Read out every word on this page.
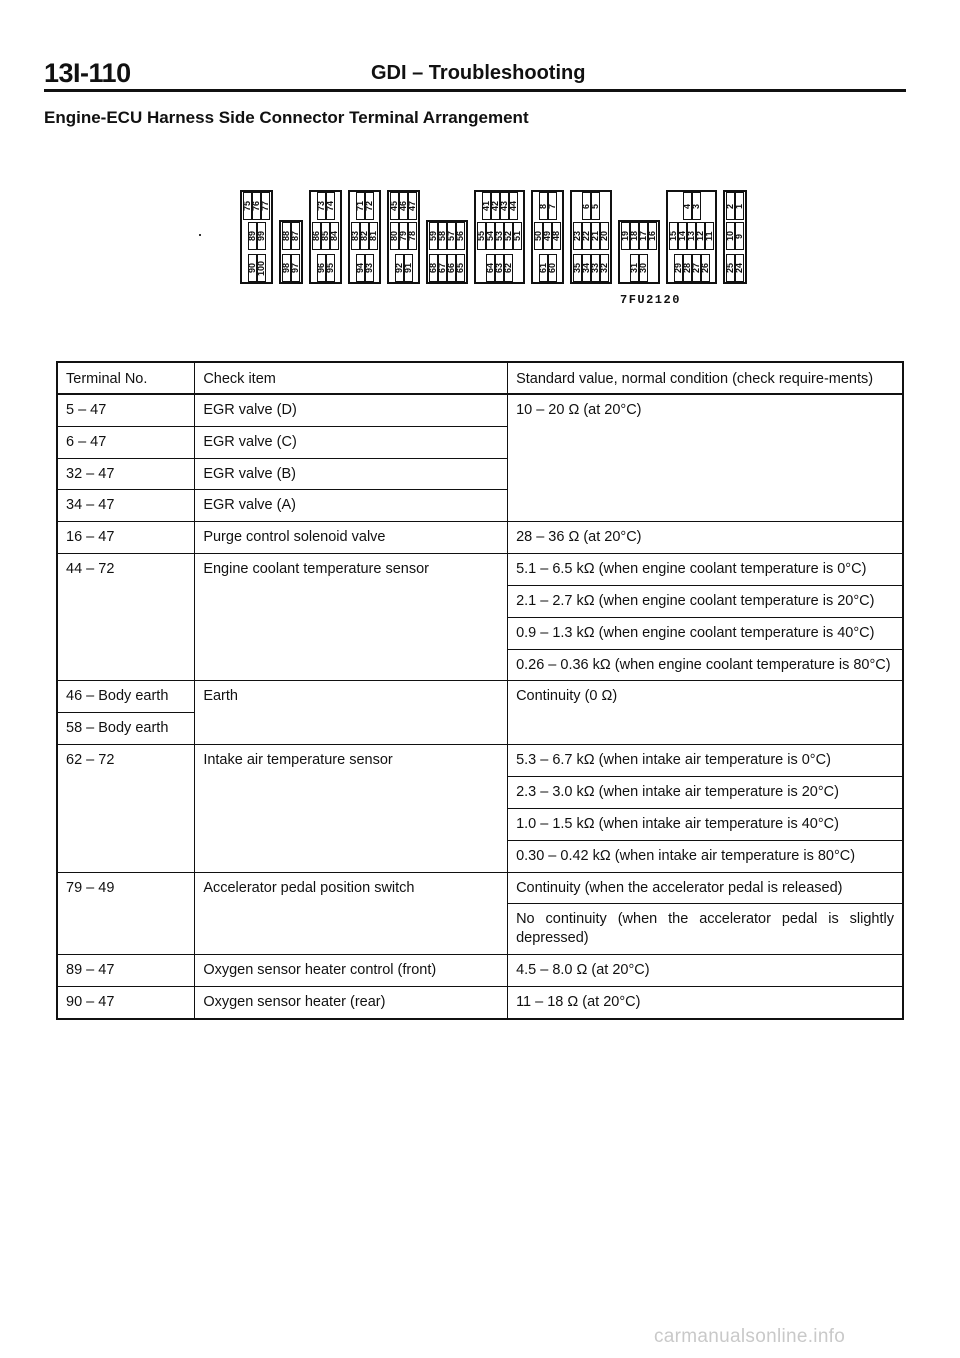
13I-110	GDI – Troubleshooting
Engine-ECU Harness Side Connector Terminal Arrangement
75 76 77
89 99
90 100
88 87
98 97
73 74
86 85 84
96 95
71 72
83 82 81
94 93
45 46 47
80 79 78
92 91
59 58 57 56
68 67 66 65
41 42 43 44
55 54 53 52 51
64 63 62
8 7
50 49 48
61 60
6 5
23 22 21 20
35 34 33 32
19 18 17 16
31 30
4 3
15 14 13 12 11
29 28 27 26
2 1
10 9
25 24
7FU2120
Terminal No.	Check item	Standard value, normal condition (check require-ments)
5 – 47	EGR valve (D)	10 – 20 Ω (at 20°C)
6 – 47	EGR valve (C)	
32 – 47	EGR valve (B)	
34 – 47	EGR valve (A)	
16 – 47	Purge control solenoid valve	28 – 36 Ω (at 20°C)
44 – 72	Engine coolant temperature sensor	5.1 – 6.5 kΩ (when engine coolant temperature is 0°C)
		2.1 – 2.7 kΩ (when engine coolant temperature is 20°C)
		0.9 – 1.3 kΩ (when engine coolant temperature is 40°C)
		0.26 – 0.36 kΩ (when engine coolant temperature is 80°C)
46 – Body earth	Earth	Continuity (0 Ω)
58 – Body earth		
62 – 72	Intake air temperature sensor	5.3 – 6.7 kΩ (when intake air temperature is 0°C)
		2.3 – 3.0 kΩ (when intake air temperature is 20°C)
		1.0 – 1.5 kΩ (when intake air temperature is 40°C)
		0.30 – 0.42 kΩ (when intake air temperature is 80°C)
79 – 49	Accelerator pedal position switch	Continuity (when the accelerator pedal is released)
		No continuity (when the accelerator pedal is slightly depressed)
89 – 47	Oxygen sensor heater control (front)	4.5 – 8.0 Ω (at 20°C)
90 – 47	Oxygen sensor heater (rear)	11 – 18 Ω (at 20°C)
carmanualsonline.info
